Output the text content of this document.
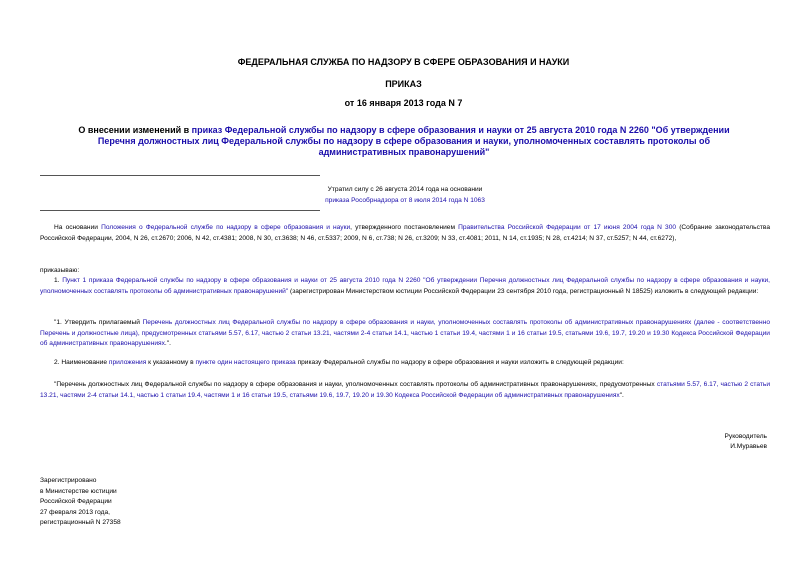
ФЕДЕРАЛЬНАЯ СЛУЖБА ПО НАДЗОРУ В СФЕРЕ ОБРАЗОВАНИЯ И НАУКИ
ПРИКАЗ
от 16 января 2013 года N 7
О внесении изменений в приказ Федеральной службы по надзору в сфере образования и науки от 25 августа 2010 года N 2260 "Об утверждении Перечня должностных лиц Федеральной службы по надзору в сфере образования и науки, уполномоченных составлять протоколы об административных правонарушений"
Утратил силу с 26 августа 2014 года на основании
приказа Рособрнадзора от 8 июля 2014 года N 1063
На основании Положения о Федеральной службе по надзору в сфере образования и науки, утвержденного постановлением Правительства Российской Федерации от 17 июня 2004 года N 300 (Собрание законодательства Российской Федерации, 2004, N 26, ст.2670; 2006, N 42, ст.4381; 2008, N 30, ст.3638; N 46, ст.5337; 2009, N 6, ст.738; N 26, ст.3209; N 33, ст.4081; 2011, N 14, ст.1935; N 28, ст.4214; N 37, ст.5257; N 44, ст.6272),
приказываю:
1. Пункт 1 приказа Федеральной службы по надзору в сфере образования и науки от 25 августа 2010 года N 2260 "Об утверждении Перечня должностных лиц Федеральной службы по надзору в сфере образования и науки, уполномоченных составлять протоколы об административных правонарушений" (зарегистрирован Министерством юстиции Российской Федерации 23 сентября 2010 года, регистрационный N 18525) изложить в следующей редакции:
"1. Утвердить прилагаемый Перечень должностных лиц Федеральной службы по надзору в сфере образования и науки, уполномоченных составлять протоколы об административных правонарушениях (далее - соответственно Перечень и должностные лица), предусмотренных статьями 5.57, 6.17, частью 2 статьи 13.21, частями 2-4 статьи 14.1, частью 1 статьи 19.4, частями 1 и 16 статьи 19.5, статьями 19.6, 19.7, 19.20 и 19.30 Кодекса Российской Федерации об административных правонарушениях.".
2. Наименование приложения к указанному в пункте один настоящего приказа приказу Федеральной службы по надзору в сфере образования и науки изложить в следующей редакции:
"Перечень должностных лиц Федеральной службы по надзору в сфере образования и науки, уполномоченных составлять протоколы об административных правонарушениях, предусмотренных статьями 5.57, 6.17, частью 2 статьи 13.21, частями 2-4 статьи 14.1, частью 1 статьи 19.4, частями 1 и 16 статьи 19.5, статьями 19.6, 19.7, 19.20 и 19.30 Кодекса Российской Федерации об административных правонарушениях".
Руководитель
И.Муравьев
Зарегистрировано
в Министерстве юстиции
Российской Федерации
27 февраля 2013 года,
регистрационный N 27358
